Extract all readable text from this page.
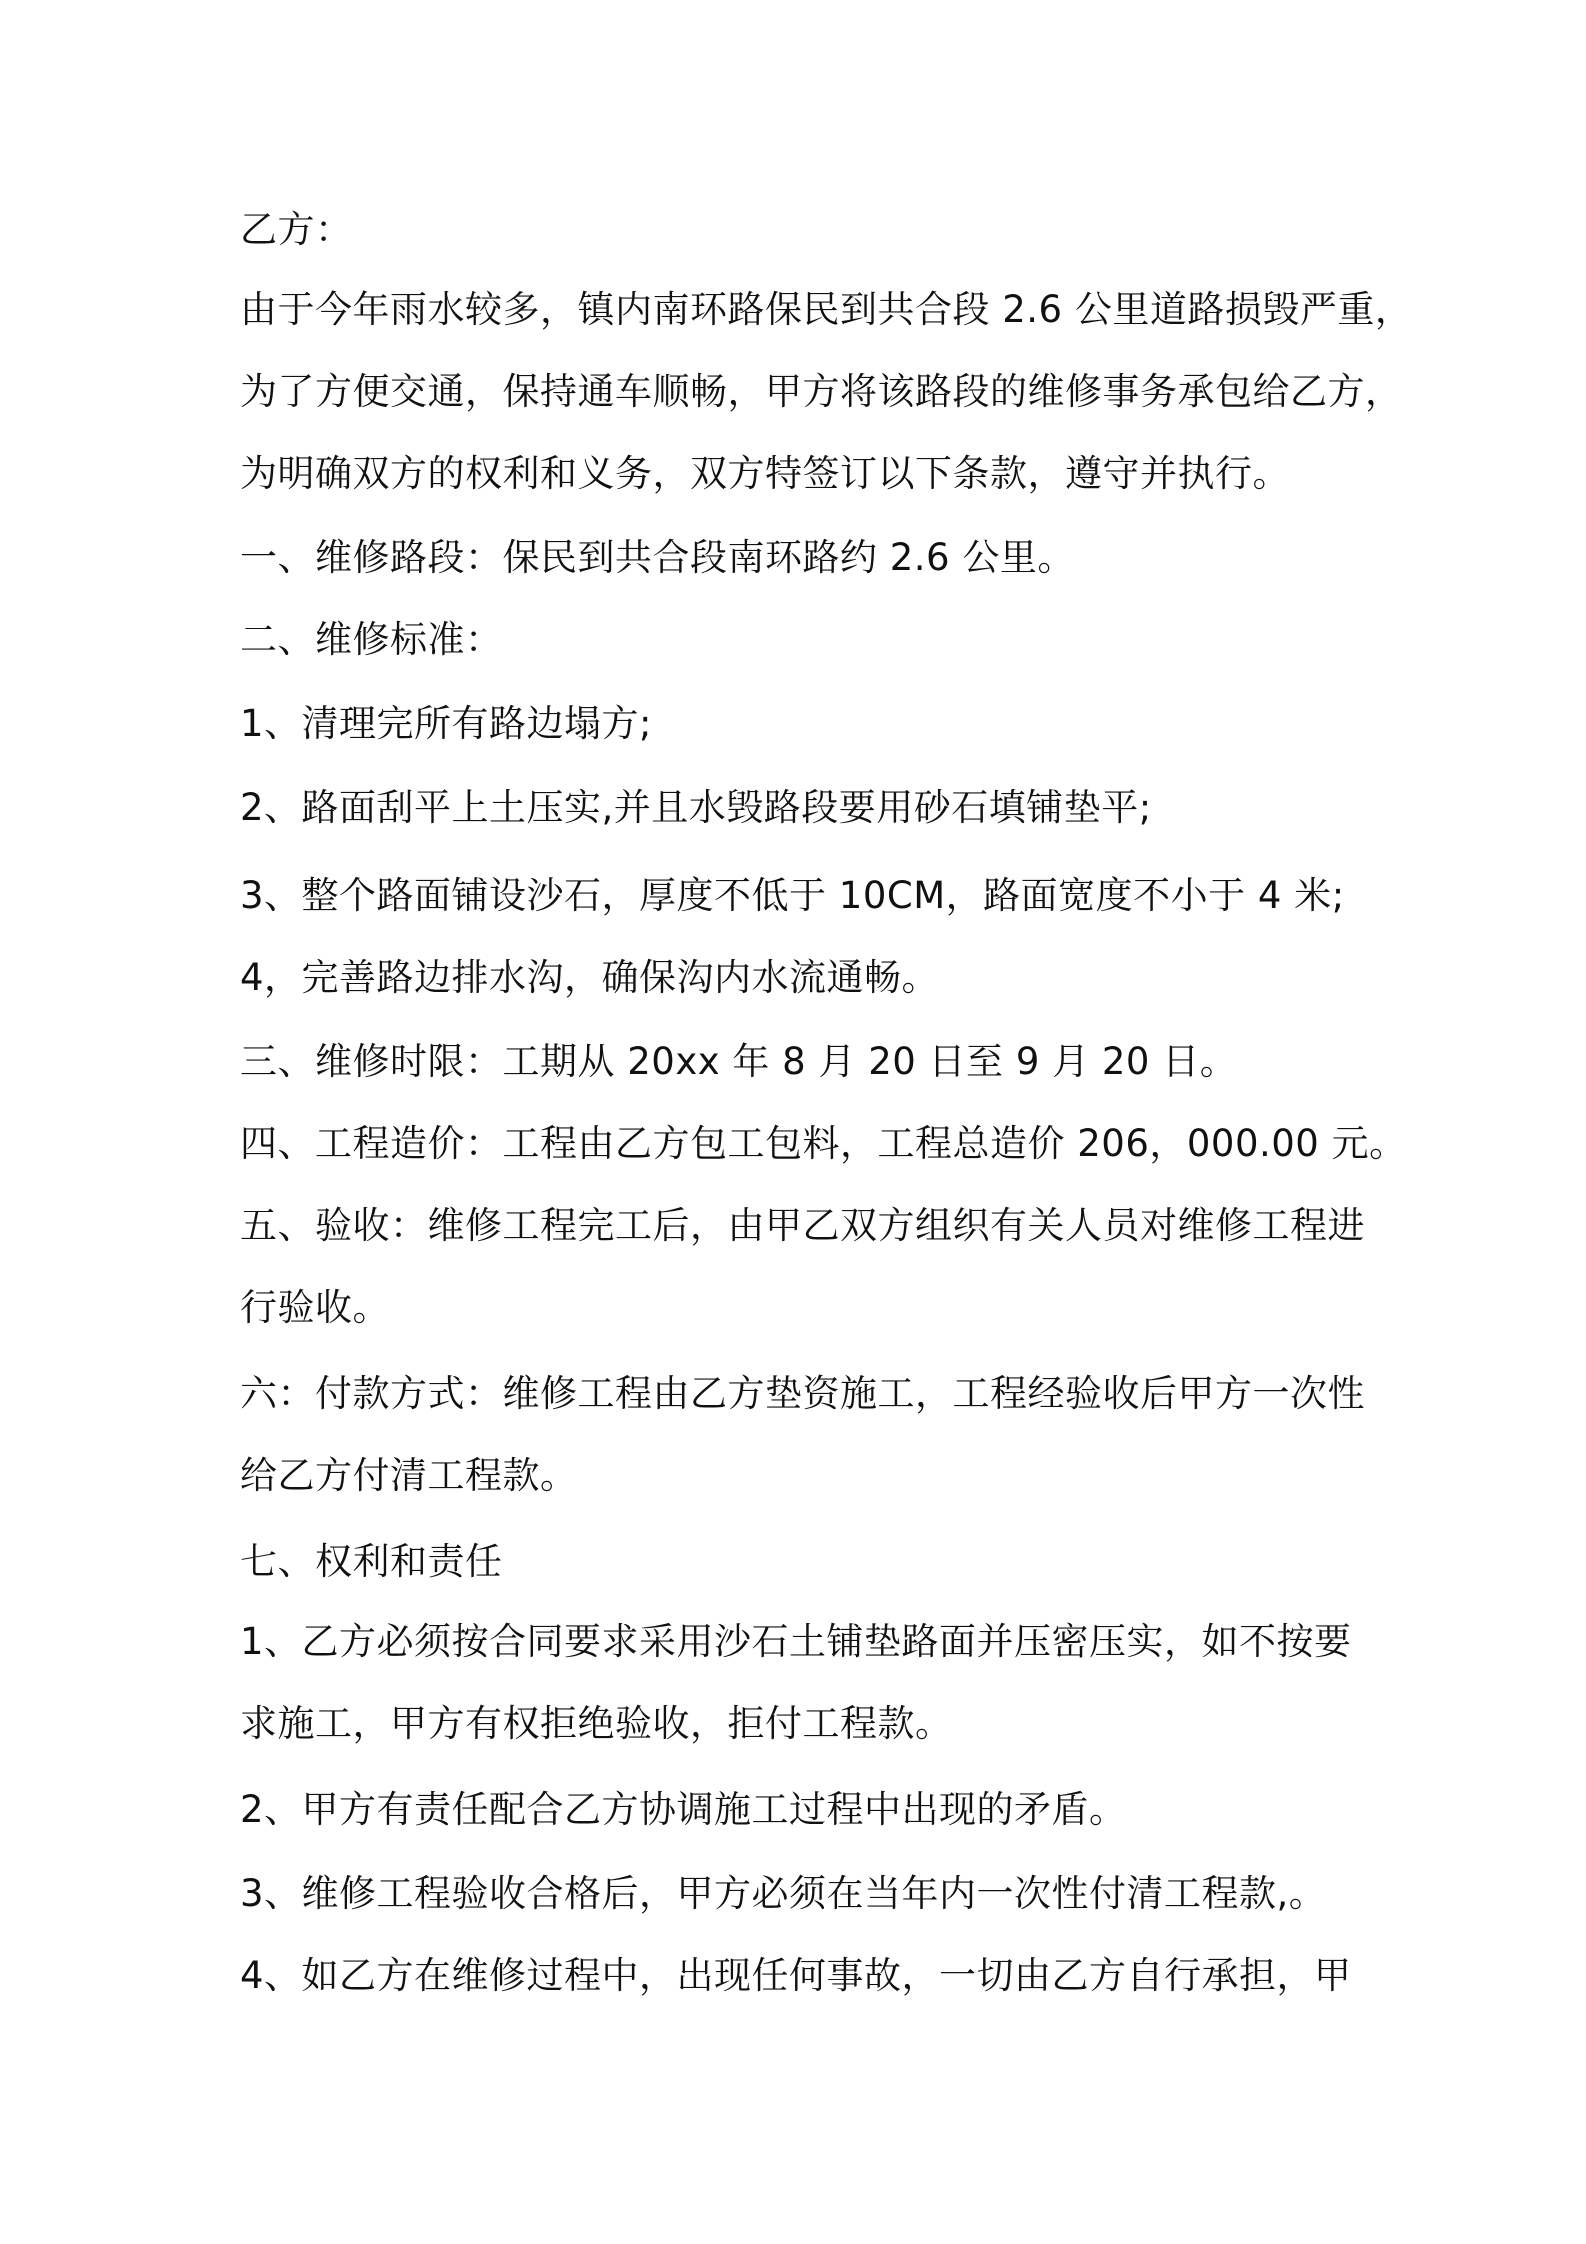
乙方：

由于今年雨水较多，镇内南环路保民到共合段 2.6 公里道路损毁严重，

为了方便交通，保持通车顺畅，甲方将该路段的维修事务承包给乙方，

为明确双方的权利和义务，双方特签订以下条款，遵守并执行。

一、维修路段：保民到共合段南环路约 2.6 公里。

二、维修标准：

1、清理完所有路边塌方;

2、路面刮平上土压实,并且水毁路段要用砂石填铺垫平;

3、整个路面铺设沙石，厚度不低于 10CM，路面宽度不小于 4 米;

4，完善路边排水沟，确保沟内水流通畅。

三、维修时限：工期从 20xx 年 8 月 20 日至 9 月 20 日。

四、工程造价：工程由乙方包工包料，工程总造价 206，000.00 元。

五、验收：维修工程完工后，由甲乙双方组织有关人员对维修工程进

行验收。

六：付款方式：维修工程由乙方垫资施工，工程经验收后甲方一次性

给乙方付清工程款。

七、权利和责任

1、乙方必须按合同要求采用沙石土铺垫路面并压密压实，如不按要

求施工，甲方有权拒绝验收，拒付工程款。

2、甲方有责任配合乙方协调施工过程中出现的矛盾。

3、维修工程验收合格后，甲方必须在当年内一次性付清工程款,。

4、如乙方在维修过程中，出现任何事故，一切由乙方自行承担，甲
